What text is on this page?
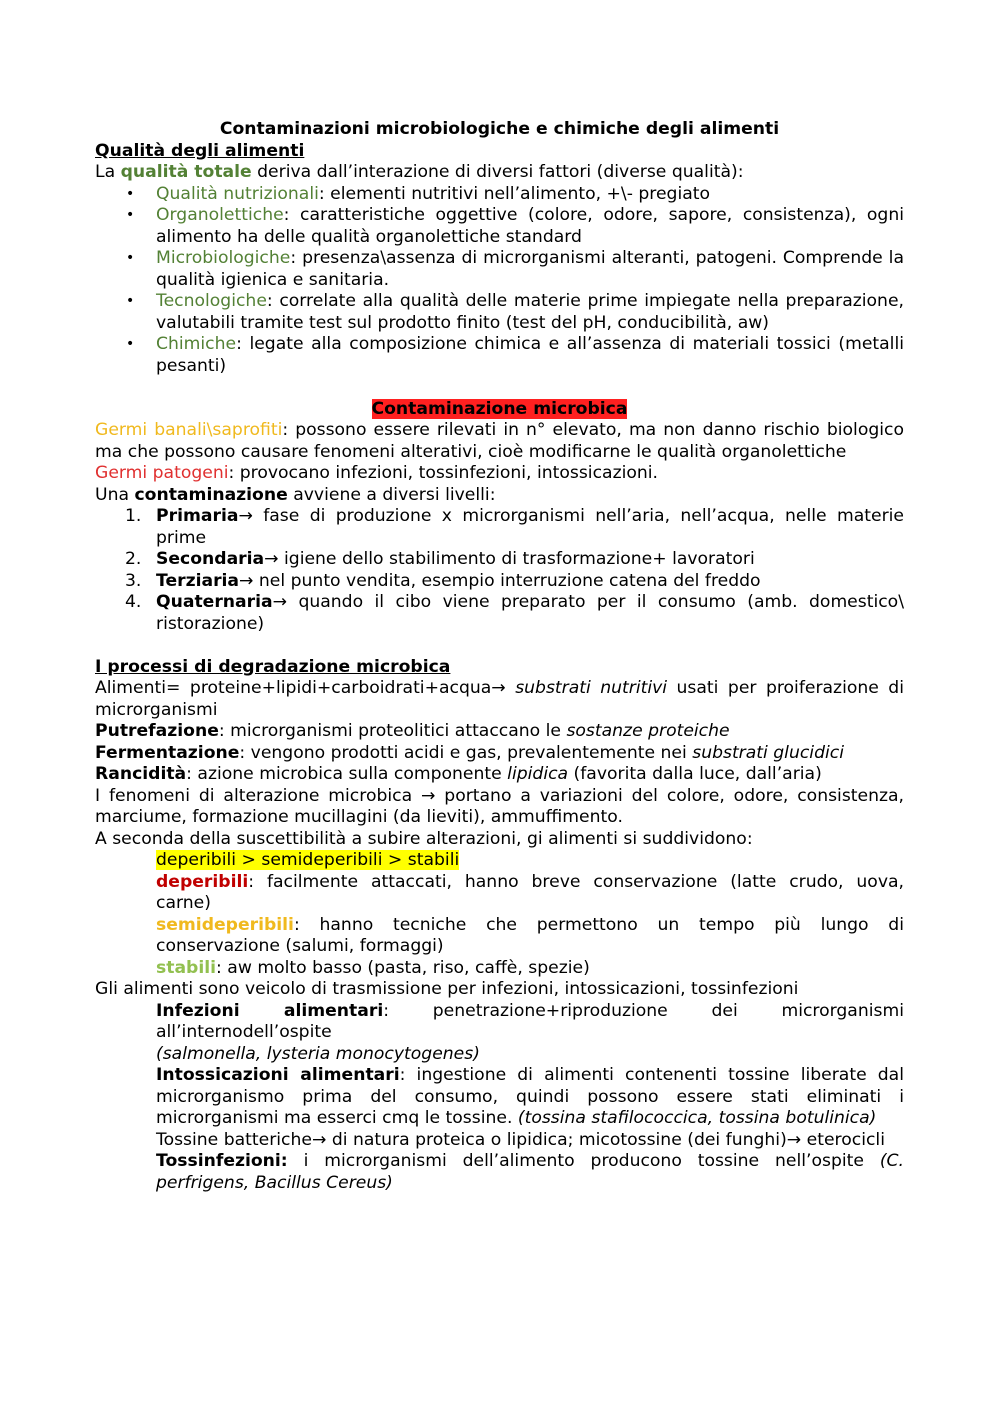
Contaminazioni microbiologiche e chimiche degli alimenti

Qualità degli alimenti

La qualità totale deriva dall’interazione di diversi fattori (diverse qualità):

• Qualità nutrizionali: elementi nutritivi nell’alimento, +\- pregiato
• Organolettiche: caratteristiche oggettive (colore, odore, sapore, consistenza), ogni alimento ha delle qualità organolettiche standard
• Microbiologiche: presenza\assenza di microrganismi alteranti, patogeni. Comprende la qualità igienica e sanitaria.
• Tecnologiche: correlate alla qualità delle materie prime impiegate nella preparazione, valutabili tramite test sul prodotto finito (test del pH, conducibilità, aw)
• Chimiche: legate alla composizione chimica e all’assenza di materiali tossici (metalli pesanti)

Contaminazione microbica

Germi banali\saprofiti: possono essere rilevati in n° elevato, ma non danno rischio biologico ma che possono causare fenomeni alterativi, cioè modificarne le qualità organolettiche

Germi patogeni: provocano infezioni, tossinfezioni, intossicazioni.

Una contaminazione avviene a diversi livelli:

1. Primaria→ fase di produzione x microrganismi nell’aria, nell’acqua, nelle materie prime
2. Secondaria→ igiene dello stabilimento di trasformazione+ lavoratori
3. Terziaria→ nel punto vendita, esempio interruzione catena del freddo
4. Quaternaria→ quando il cibo viene preparato per il consumo (amb. domestico\ ristorazione)

I processi di degradazione microbica

Alimenti= proteine+lipidi+carboidrati+acqua→ substrati nutritivi usati per proiferazione di microrganismi

Putrefazione: microrganismi proteolitici attaccano le sostanze proteiche

Fermentazione: vengono prodotti acidi e gas, prevalentemente nei substrati glucidici

Rancidità: azione microbica sulla componente lipidica (favorita dalla luce, dall’aria)

I fenomeni di alterazione microbica → portano a variazioni del colore, odore, consistenza, marciume, formazione mucillagini (da lieviti), ammuffimento.

A seconda della suscettibilità a subire alterazioni, gi alimenti si suddividono:

deperibili > semideperibili > stabili

deperibili: facilmente attaccati, hanno breve conservazione (latte crudo, uova, carne)

semideperibili: hanno tecniche che permettono un tempo più lungo di conservazione (salumi, formaggi)

stabili: aw molto basso (pasta, riso, caffè, spezie)

Gli alimenti sono veicolo di trasmissione per infezioni, intossicazioni, tossinfezioni

Infezioni alimentari: penetrazione+riproduzione dei microrganismi all’internodell’ospite

(salmonella, lysteria monocytogenes)

Intossicazioni alimentari: ingestione di alimenti contenenti tossine liberate dal microrganismo prima del consumo, quindi possono essere stati eliminati i microrganismi ma esserci cmq le tossine. (tossina stafilococcica, tossina botulinica)

Tossine batteriche→ di natura proteica o lipidica; micotossine (dei funghi)→ eterocicli

Tossinfezioni: i microrganismi dell’alimento producono tossine nell’ospite (C. perfrigens, Bacillus Cereus)
